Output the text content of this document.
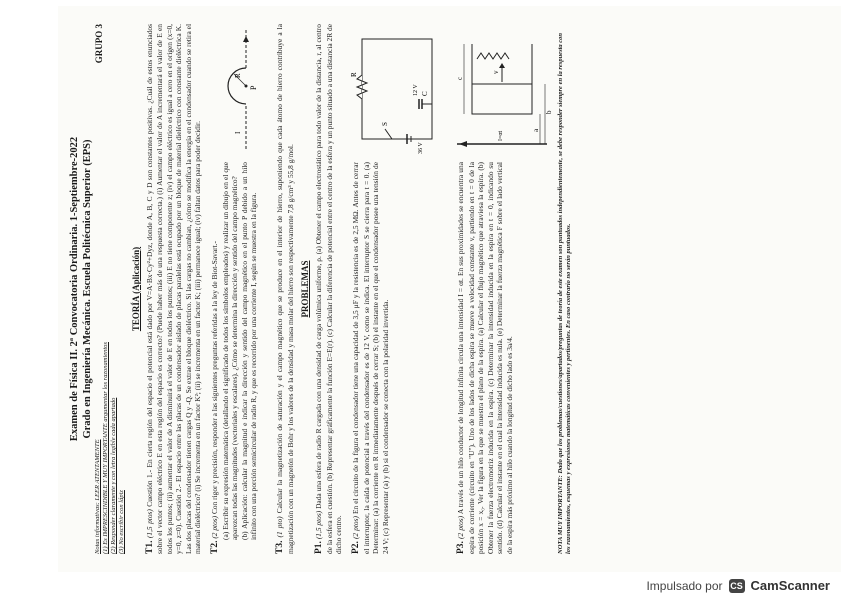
Examen de Física II. 2ª Convocatoria Ordinaria. 1-Septiembre-2022 Grado en Ingeniería Mecánica. Escuela Politécnica Superior (EPS)
Notas informativas: LEER ATENTAMENTE (1) Es IMPRESCINDIBLE Y MUY IMPORTANTE argumentar los razonamientos (2) Responder claramente y con letra legible cada apartado (3) No escribir con lápiz
GRUPO 3
TEORÍA (Aplicación)
T1. (1,5 ptos) Cuestión 1.- En cierta región del espacio el potencial está dado por V=A·Bx·Cy²+Dyz, donde A, B, C y D son constantes positivas. ¿Cuál de estos enunciados sobre el vector campo eléctrico E en esta región del espacio es correcto? (Puede haber más de una respuesta correcta.) (i) Aumentar el valor de A incrementará el valor de E en todos los puntos; (ii) aumentar el valor de A disminuirá el valor de E en todos los puntos; (iii) E no tiene componente z; (iv) el campo eléctrico es igual a cero en el origen (x=0, y=0, z=0). Cuestión 2.- El espacio entre las placas de un condensador aislado de placas paralelas está ocupado por un bloque de material dieléctrico con constante dieléctrica K. Las dos placas del condensador tienen cargas Q y -Q. Se extrae el bloque dieléctrico. Si las cargas no cambian, ¿cómo se modifica la energía en el condensador cuando se retira el material dieléctrico? (i) Se incrementa en un factor K²; (ii) se incrementa en un factor K; (iii) permanece igual; (iv) faltan datos para poder decidir. T2. (2 ptos) Con rigor y precisión, responder a las siguientes preguntas referidas a la ley de Biot-Savart.- (a) Escribir su expresión matemática (detallando el significado de todos los símbolos empleados) y realizar un dibujo en el que aparezcan todas las magnitudes (vectoriales y escalares). ¿Cómo se determina la dirección y sentido del campo magnético? (b) Aplicación: calcular la magnitud e indicar la dirección y sentido del campo magnético en el punto P debido a un hilo infinito con una porción semicircular de radio R, y que es recorrido por una corriente I, según se muestra en la figura.
P
R
I
T3. (1 pto) Calcular la magnetización de saturación y el campo magnético que se produce en el interior de hierro, suponiendo que cada átomo de hierro contribuye a la magnetización con un magnetón de Bohr y los valores de la densidad y masa molar del hierro son respectivamente 7,8 g/cm³ y 55,8 g/mol. PROBLEMAS
P1. (1,5 ptos) Dada una esfera de radio R cargada con una densidad de carga volúmica uniforme, ρ. (a) Obtener el campo electrostático para todo valor de la distancia, r, al centro de la esfera en cuestión. (b) Representar gráficamente la función E=E(r). (c) Calcular la diferencia de potencial entre el centro de la esfera y un punto situado a una distancia 2R de dicho centro. P2. (2 ptos) En el circuito de la figura el condensador tiene una capacidad de 3,5 μF y la resistencia es de 2,5 MΩ. Antes de cerrar el interruptor, la caída de potencial a través del condensador es de 12 V, como se indica. El interruptor S se cierra para t = 0. (a) Determinar: (a) la corriente en R inmediatamente después de cerrar S; (b) el instante en el que el condensador posee una tensión de 24 V; (c) Representar (a) y (b) si el condensador se conecta con la polaridad invertida.
R
S
12 V C
36 V
P3. (2 ptos) A través de un hilo conductor de longitud infinita circula una intensidad I = αt. En sus proximidades se encuentra una espira de corriente (circuito en "U"). Uno de los lados de dicha espira se mueve a velocidad constante v, partiendo en t = 0 de la posición x = x₀. Ver la figura en la que se muestra el plano de la espira. (a) Calcular el flujo magnético que atraviesa la espira. (b) Obtener la fuerza electromotriz inducida en la espira. (c) Determinar la intensidad inducida en la espira en t = 0, indicando su sentido. (d) Calcular el instante en el cual la intensidad inducida es nula. (e) Determinar la fuerza magnética F sobre el lado vertical de la espira más próximo al hilo cuando la longitud de dicho lado es 3a/4.
a
b
c
I=αt
v	NOTA MUY IMPORTANTE: Dado que los problemas/cuestiones/apartados/preguntas de teoría de este examen son puntuados independientemente, se debe responder siempre en la respuesta con los razonamientos, esquemas y expresiones matemáticas convenientes y pertinentes. En caso contrario no serán puntuados.
Impulsado por CS CamScanner
